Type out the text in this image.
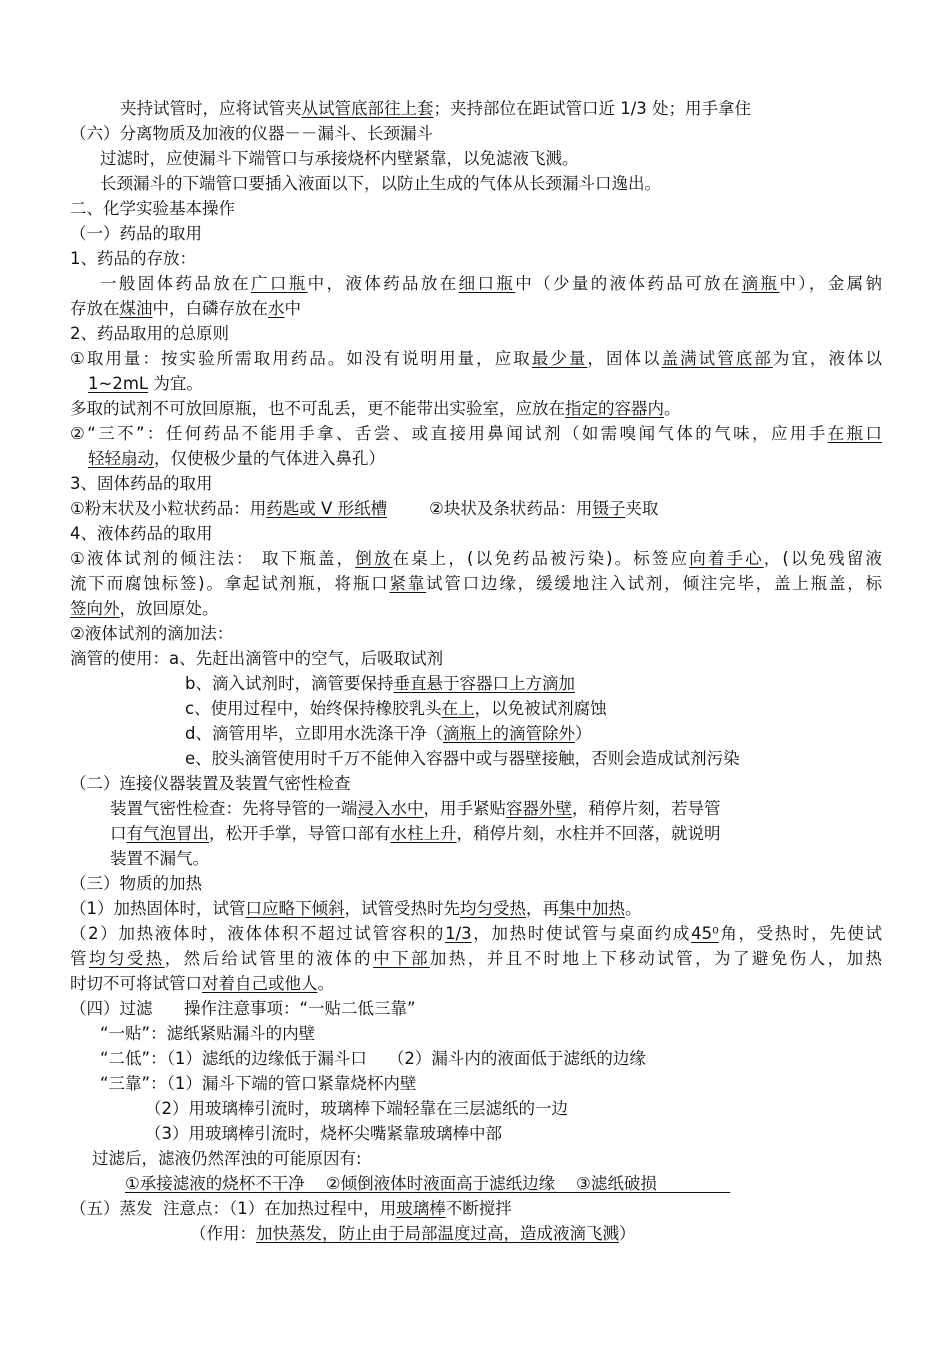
夹持试管时，应将试管夹从试管底部往上套；夹持部位在距试管口近 1/3 处；用手拿住
（六）分离物质及加液的仪器－－漏斗、长颈漏斗
过滤时，应使漏斗下端管口与承接烧杯内壁紧靠，以免滤液飞溅。
长颈漏斗的下端管口要插入液面以下，以防止生成的气体从长颈漏斗口逸出。
二、化学实验基本操作
（一）药品的取用
1、药品的存放：
一般固体药品放在广口瓶中，液体药品放在细口瓶中（少量的液体药品可放在滴瓶中），金属钠
存放在煤油中，白磷存放在水中
2、药品取用的总原则
①取用量：按实验所需取用药品。如没有说明用量，应取最少量，固体以盖满试管底部为宜，液体以
1~2mL 为宜。
多取的试剂不可放回原瓶，也不可乱丢，更不能带出实验室，应放在指定的容器内。
②“三不”：任何药品不能用手拿、舌尝、或直接用鼻闻试剂（如需嗅闻气体的气味，应用手在瓶口
轻轻扇动，仅使极少量的气体进入鼻孔）
3、固体药品的取用
①粉末状及小粒状药品：用药匙或 V 形纸槽        ②块状及条状药品：用镊子夹取
4、液体药品的取用
①液体试剂的倾注法： 取下瓶盖，倒放在桌上，(以免药品被污染)。标签应向着手心，(以免残留液
流下而腐蚀标签)。拿起试剂瓶，将瓶口紧靠试管口边缘，缓缓地注入试剂，倾注完毕，盖上瓶盖，标
签向外，放回原处。
②液体试剂的滴加法：
滴管的使用：a、先赶出滴管中的空气，后吸取试剂
b、滴入试剂时，滴管要保持垂直悬于容器口上方滴加
c、使用过程中，始终保持橡胶乳头在上，以免被试剂腐蚀
d、滴管用毕，立即用水洗涤干净（滴瓶上的滴管除外）
e、胶头滴管使用时千万不能伸入容器中或与器壁接触，否则会造成试剂污染
（二）连接仪器装置及装置气密性检查
装置气密性检查：先将导管的一端浸入水中，用手紧贴容器外壁，稍停片刻，若导管
口有气泡冒出，松开手掌，导管口部有水柱上升，稍停片刻，水柱并不回落，就说明
装置不漏气。
（三）物质的加热
（1）加热固体时，试管口应略下倾斜，试管受热时先均匀受热，再集中加热。
（2）加热液体时，液体体积不超过试管容积的1/3，加热时使试管与桌面约成45⁰角，受热时，先使试
管均匀受热，然后给试管里的液体的中下部加热，并且不时地上下移动试管，为了避免伤人，加热
时切不可将试管口对着自己或他人。
（四）过滤      操作注意事项：“一贴二低三靠”
“一贴”：滤纸紧贴漏斗的内壁
“二低”：（1）滤纸的边缘低于漏斗口    （2）漏斗内的液面低于滤纸的边缘
“三靠”：（1）漏斗下端的管口紧靠烧杯内壁
（2）用玻璃棒引流时，玻璃棒下端轻靠在三层滤纸的一边
（3）用玻璃棒引流时，烧杯尖嘴紧靠玻璃棒中部
过滤后，滤液仍然浑浊的可能原因有:
①承接滤液的烧杯不干净    ②倾倒液体时液面高于滤纸边缘    ③滤纸破损
（五）蒸发  注意点：（1）在加热过程中，用玻璃棒不断搅拌
（作用：加快蒸发，防止由于局部温度过高，造成液滴飞溅）
